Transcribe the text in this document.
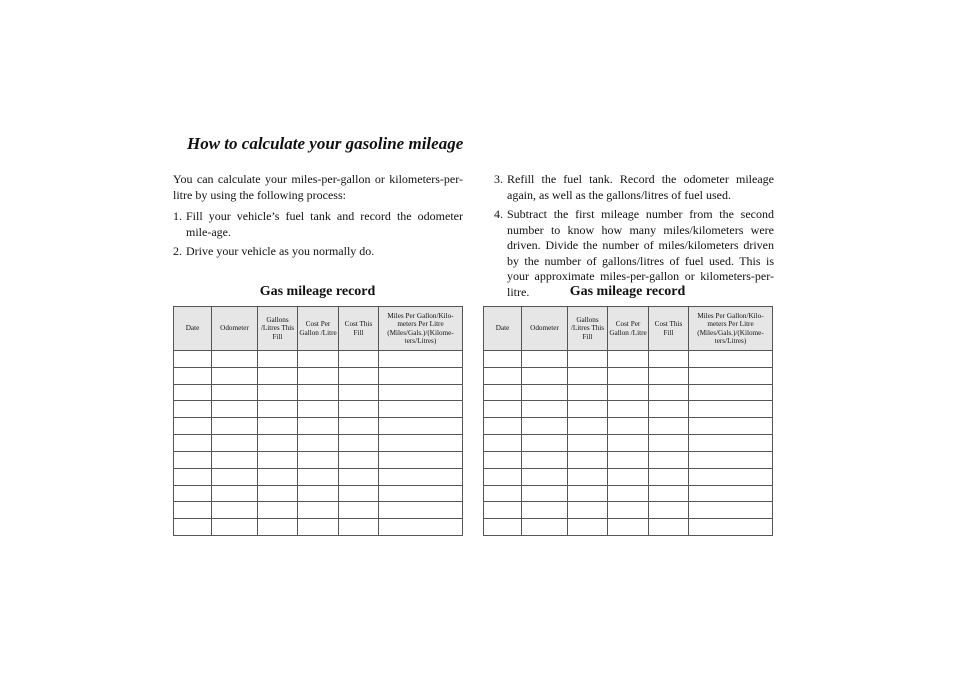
How to calculate your gasoline mileage

You can calculate your miles-per-gallon or kilometers-per-litre by using the following process:

1. Fill your vehicle’s fuel tank and record the odometer mile-age.
2. Drive your vehicle as you normally do.
3. Refill the fuel tank. Record the odometer mileage again, as well as the gallons/litres of fuel used.
4. Subtract the first mileage number from the second number to know how many miles/kilometers were driven. Divide the number of miles/kilometers driven by the number of gallons/litres of fuel used. This is your approximate miles-per-gallon or kilometers-per-litre.
Gas mileage record	Gas mileage record
Date	Odometer	Gallons /Litres This Fill	Cost Per Gallon /Litre	Cost This Fill	Miles Per Gallon/Kilo-meters Per Litre (Miles/Gals.)/(Kilome-ters/Litres)

Date	Odometer	Gallons /Litres This Fill	Cost Per Gallon /Litre	Cost This Fill	Miles Per Gallon/Kilo-meters Per Litre (Miles/Gals.)/(Kilome-ters/Litres)
